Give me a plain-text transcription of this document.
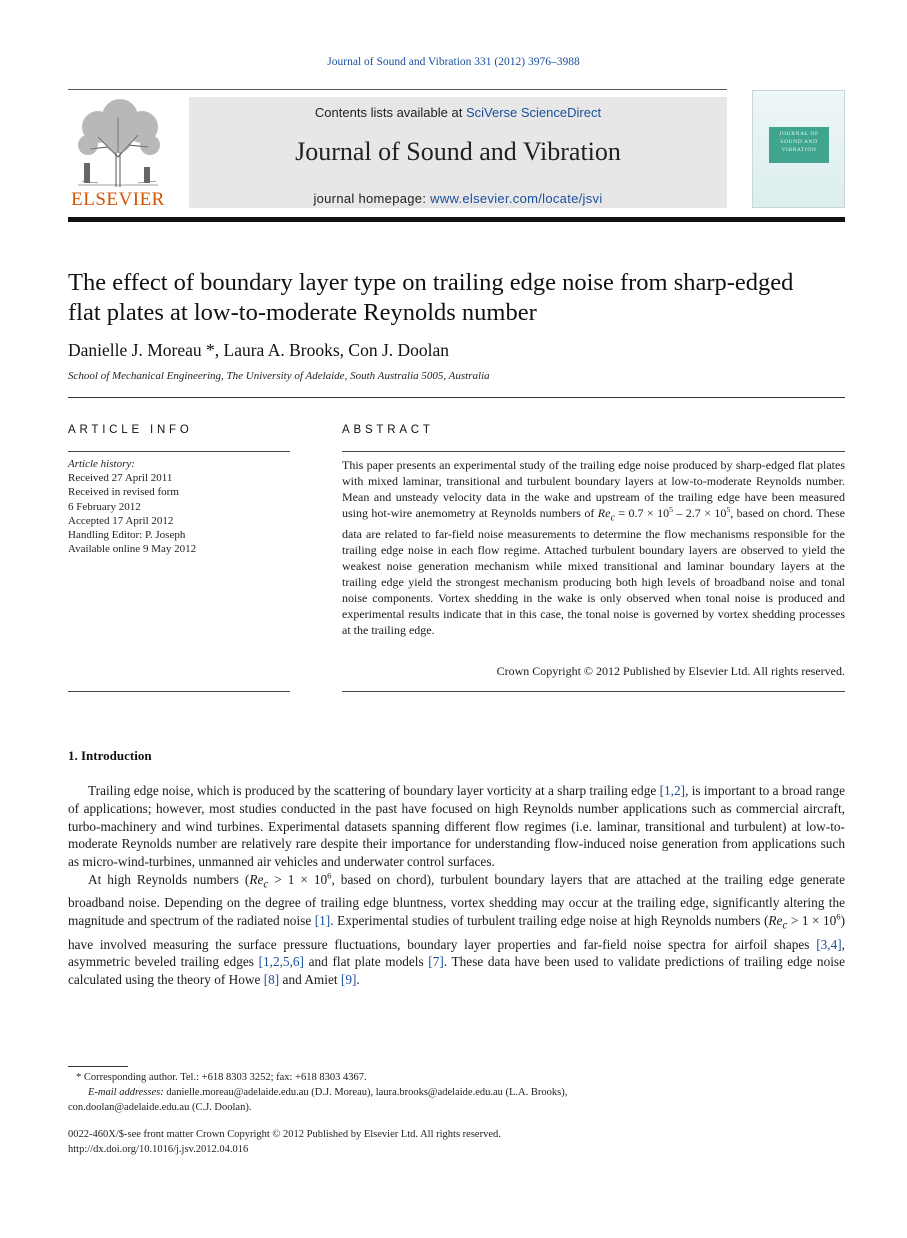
Journal of Sound and Vibration 331 (2012) 3976–3988
ELSEVIER
Contents lists available at SciVerse ScienceDirect
Journal of Sound and Vibration
journal homepage: www.elsevier.com/locate/jsvi
JOURNAL OF
SOUND AND
VIBRATION
The effect of boundary layer type on trailing edge noise from sharp-edged flat plates at low-to-moderate Reynolds number
Danielle J. Moreau *, Laura A. Brooks, Con J. Doolan
School of Mechanical Engineering, The University of Adelaide, South Australia 5005, Australia
ARTICLE INFO	ABSTRACT
Article history:
Received 27 April 2011
Received in revised form
6 February 2012
Accepted 17 April 2012
Handling Editor: P. Joseph
Available online 9 May 2012
This paper presents an experimental study of the trailing edge noise produced by sharp-edged flat plates with mixed laminar, transitional and turbulent boundary layers at low-to-moderate Reynolds number. Mean and unsteady velocity data in the wake and upstream of the trailing edge have been measured using hot-wire anemometry at Reynolds numbers of $Re_c = 0.7 \times 10^5 - 2.7 \times 10^5$, based on chord. These data are related to far-field noise measurements to determine the flow mechanisms responsible for the trailing edge noise in each flow regime. Attached turbulent boundary layers are observed to yield the weakest noise generation mechanism while mixed transitional and laminar boundary layers at the trailing edge yield the strongest mechanism producing both high levels of broadband noise and tonal noise components. Vortex shedding in the wake is only observed when tonal noise is produced and experimental results indicate that in this case, the tonal noise is governed by vortex shedding processes at the trailing edge.
Crown Copyright © 2012 Published by Elsevier Ltd. All rights reserved.
1. Introduction

Trailing edge noise, which is produced by the scattering of boundary layer vorticity at a sharp trailing edge [1,2], is important to a broad range of applications; however, most studies conducted in the past have focused on high Reynolds number applications such as commercial aircraft, turbo-machinery and wind turbines. Experimental datasets spanning different flow regimes (i.e. laminar, transitional and turbulent) at low-to-moderate Reynolds number are relatively rare despite their importance for understanding flow-induced noise generation from applications such as micro-wind-turbines, unmanned air vehicles and underwater control surfaces.

At high Reynolds numbers ($Re_c > 1 \times 10^6$, based on chord), turbulent boundary layers that are attached at the trailing edge generate broadband noise. Depending on the degree of trailing edge bluntness, vortex shedding may occur at the trailing edge, significantly altering the magnitude and spectrum of the radiated noise [1]. Experimental studies of turbulent trailing edge noise at high Reynolds numbers $(Re_c > 1 \times 10^6)$ have involved measuring the surface pressure fluctuations, boundary layer properties and far-field noise spectra for airfoil shapes [3,4], asymmetric beveled trailing edges [1,2,5,6] and flat plate models [7]. These data have been used to validate predictions of trailing edge noise calculated using the theory of Howe [8] and Amiet [9].

* Corresponding author. Tel.: +618 8303 3252; fax: +618 8303 4367.
E-mail addresses: danielle.moreau@adelaide.edu.au (D.J. Moreau), laura.brooks@adelaide.edu.au (L.A. Brooks),
con.doolan@adelaide.edu.au (C.J. Doolan).
0022-460X/$-see front matter Crown Copyright © 2012 Published by Elsevier Ltd. All rights reserved.
http://dx.doi.org/10.1016/j.jsv.2012.04.016
